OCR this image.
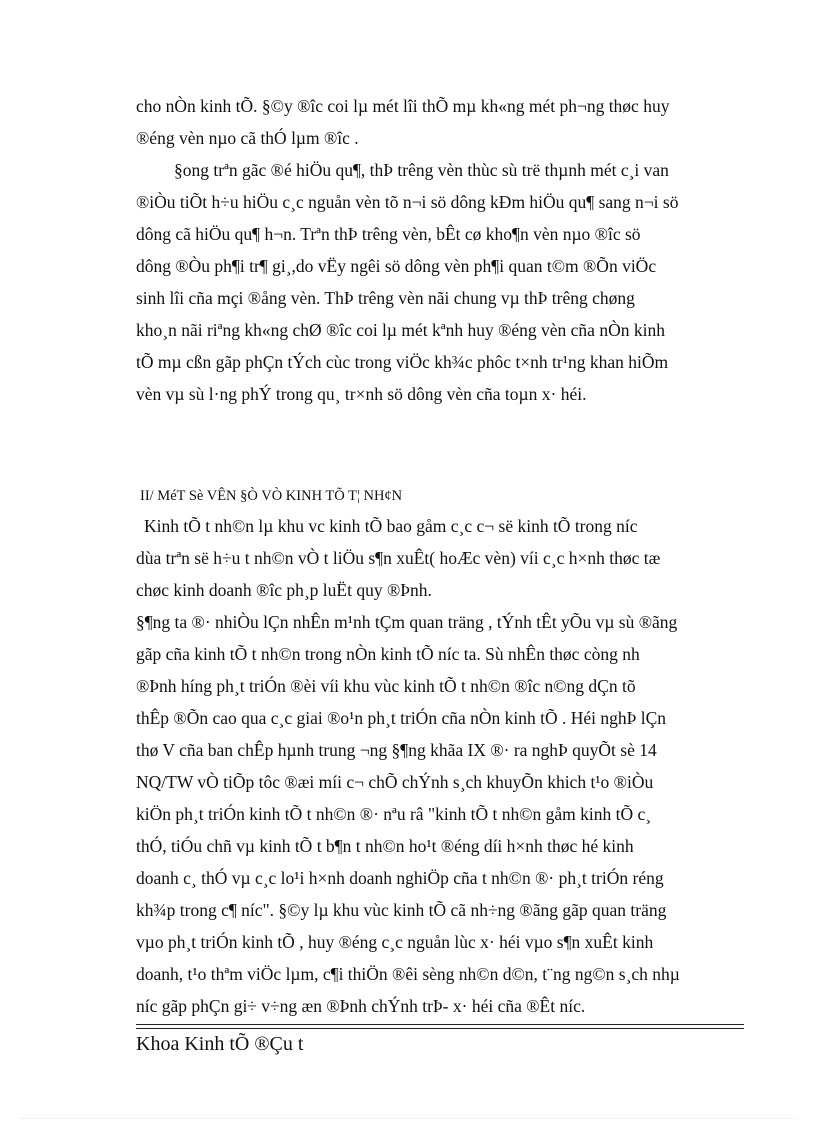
cho nÒn kinh tÕ. §©y ®îc coi lµ mét lîi thÕ mµ kh«ng mét ph¬ng thøc huy
®éng vèn nµo cã thÓ lµm ®îc .
§ong trªn gãc ®é hiÖu qu¶, thÞ trêng vèn thùc sù trë thµnh mét c¸i van
®iÒu tiÕt h÷u hiÖu c¸c nguån vèn tõ n¬i sö dông kÐm hiÖu qu¶ sang n¬i sö
dông cã hiÖu qu¶ h¬n. Trªn thÞ trêng vèn, bÊt cø kho¶n vèn nµo ®îc sö
dông ®Òu ph¶i tr¶ gi¸,do vËy ngêi sö dông vèn ph¶i quan t©m ®Õn viÖc
sinh lîi cña mçi ®ång vèn. ThÞ trêng vèn nãi chung vµ thÞ trêng chøng
kho¸n nãi riªng kh«ng chØ ®îc coi lµ mét kªnh huy ®éng vèn cña nÒn kinh
tÕ mµ cßn gãp phÇn tÝch cùc trong viÖc kh¾c phôc t×nh tr¹ng khan hiÕm
vèn vµ sù l·ng phÝ trong qu¸ tr×nh sö dông vèn cña toµn x· héi.
II/ MéT Sè VÊN §Ò VÒ KINH TÕ T¦ NH¢N
Kinh tÕ t nh©n lµ khu vc kinh tÕ bao gåm c¸c c¬ së kinh tÕ trong níc
dùa trªn së h÷u t nh©n vÒ t liÖu s¶n xuÊt( hoÆc vèn) víi c¸c h×nh thøc tæ
chøc kinh doanh ®îc ph¸p luËt quy ®Þnh.
§¶ng ta ®· nhiÒu lÇn nhÊn m¹nh tÇm quan träng , tÝnh tÊt yÕu vµ sù ®ãng
gãp cña kinh tÕ t nh©n trong nÒn kinh tÕ níc ta. Sù nhÊn thøc còng nh
®Þnh híng ph¸t triÓn ®èi víi khu vùc kinh tÕ t nh©n ®îc n©ng dÇn tõ
thÊp ®Õn cao qua c¸c giai ®o¹n ph¸t triÓn cña nÒn kinh tÕ . Héi nghÞ lÇn
thø V cña ban chÊp hµnh trung ¬ng §¶ng khãa IX ®· ra nghÞ quyÕt sè 14
NQ/TW vÒ tiÕp tôc ®æi míi c¬ chÕ chÝnh s¸ch khuyÕn khich t¹o ®iÒu
kiÖn ph¸t triÓn kinh tÕ t nh©n ®· nªu râ "kinh tÕ t nh©n gåm kinh tÕ c¸
thÓ, tiÓu chñ vµ kinh tÕ t b¶n t nh©n ho¹t ®éng díi h×nh thøc hé kinh
doanh c¸ thÓ vµ c¸c lo¹i h×nh doanh nghiÖp cña t nh©n ®· ph¸t triÓn réng
kh¾p trong c¶ níc". §©y lµ khu vùc kinh tÕ cã nh÷ng ®ãng gãp quan träng
vµo ph¸t triÓn kinh tÕ , huy ®éng c¸c nguån lùc x· héi vµo s¶n xuÊt kinh
doanh, t¹o thªm viÖc lµm, c¶i thiÖn ®êi sèng nh©n d©n, t¨ng ng©n s¸ch nhµ
níc gãp phÇn gi÷ v÷ng æn ®Þnh chÝnh trÞ- x· héi cña ®Êt níc.
Khoa Kinh tÕ ®Çu t
